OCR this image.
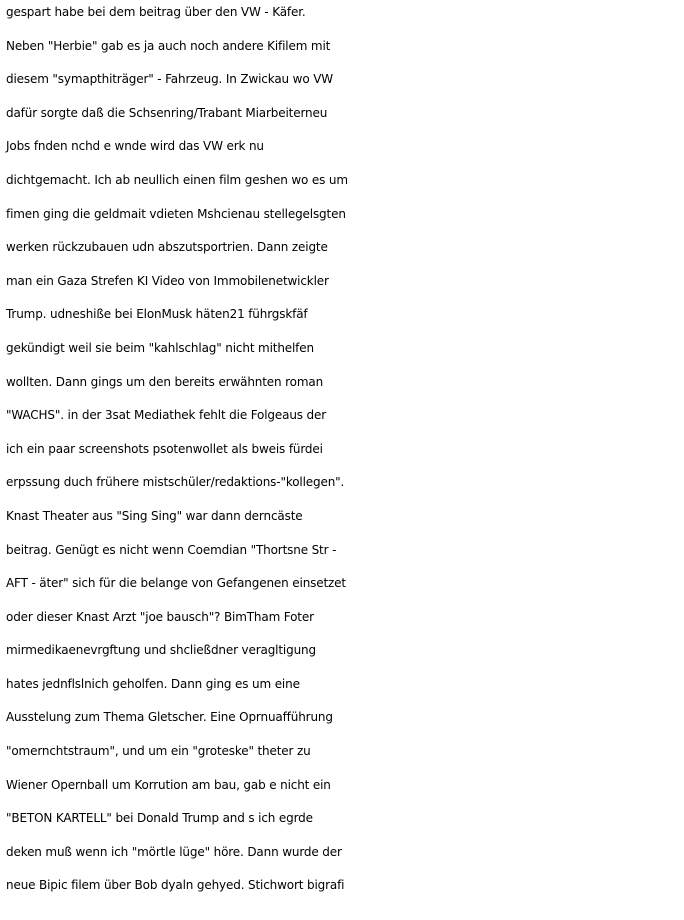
gespart habe bei dem beitrag über den VW - Käfer.
Neben "Herbie" gab es ja auch noch andere Kifilem mit
diesem "symapthiträger" - Fahrzeug. In Zwickau wo VW
dafür sorgte daß die Schsenring/Trabant Miarbeiterneu
Jobs fnden nchd e wnde wird das VW erk nu
dichtgemacht. Ich ab neullich einen film geshen wo es um
fimen ging die geldmait vdieten Mshcienau stellegelsgten
werken rückzubauen udn abszutsportrien. Dann zeigte
man ein Gaza Strefen KI Video von Immobilenetwickler
Trump. udneshiße bei ElonMusk häten21 führgskfäf
gekündigt weil sie beim "kahlschlag" nicht mithelfen
wollten. Dann gings um den bereits erwähnten roman
"WACHS". in der 3sat Mediathek fehlt die Folgeaus der
ich ein paar screenshots psotenwollet als bweis fürdei
erpssung duch frühere mistschüler/redaktions-"kollegen".
Knast Theater aus "Sing Sing" war dann derncäste
beitrag. Genügt es nicht wenn Coemdian "Thortsne Str -
AFT - äter" sich für die belange von Gefangenen einsetzet
oder dieser Knast Arzt "joe bausch"? BimTham Foter
mirmedikaenevrgftung und shcließdner veragltigung
hates jednflslnich geholfen. Dann ging es um eine
Ausstelung zum Thema Gletscher. Eine Oprnuafführung
"omernchtstraum", und um ein "groteske" theter zu
Wiener Opernball um Korrution am bau, gab e nicht ein
"BETON KARTELL" bei Donald Trump and s ich egrde
deken muß wenn ich "mörtle lüge" höre. Dann wurde der
neue Bipic filem über Bob dyaln gehyed. Stichwort bigrafi
